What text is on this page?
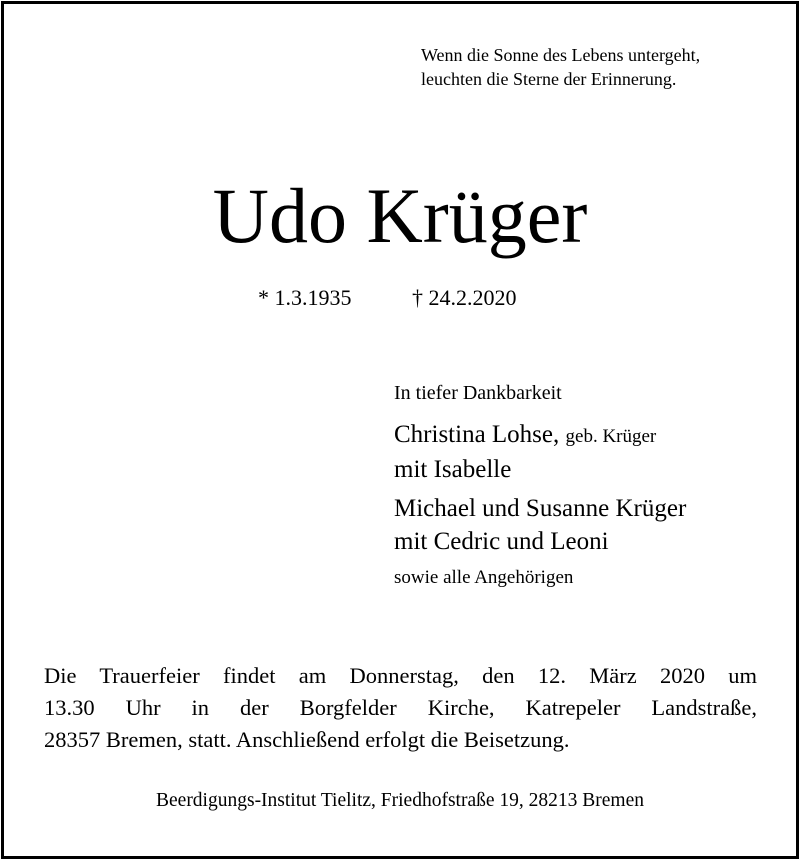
Wenn die Sonne des Lebens untergeht,
leuchten die Sterne der Erinnerung.
Udo Krüger
* 1.3.1935	† 24.2.2020
In tiefer Dankbarkeit
Christina Lohse, geb. Krüger
mit Isabelle
Michael und Susanne Krüger
mit Cedric und Leoni
sowie alle Angehörigen
Die Trauerfeier findet am Donnerstag, den 12. März 2020 um
13.30 Uhr in der Borgfelder Kirche, Katrepeler Landstraße,
28357 Bremen, statt. Anschließend erfolgt die Beisetzung.
Beerdigungs-Institut Tielitz, Friedhofstraße 19, 28213 Bremen
